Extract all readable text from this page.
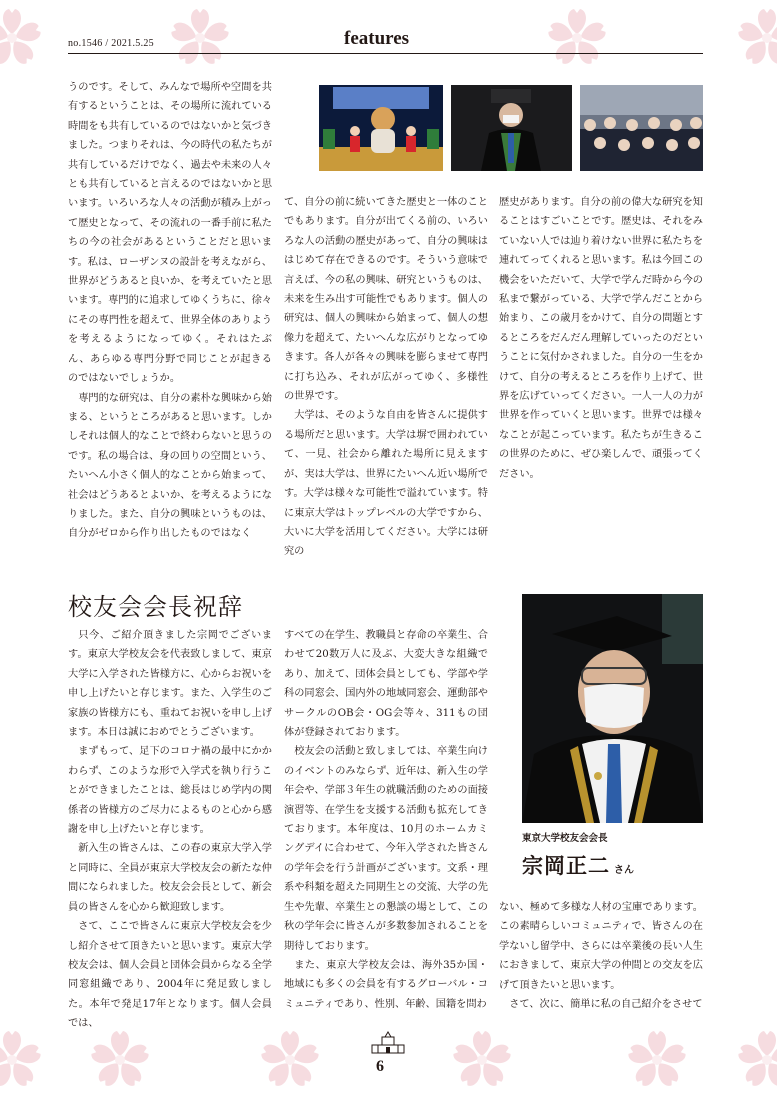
no.1546 / 2021.5.25	features

うのです。そして、みんなで場所や空間を共有するということは、その場所に流れている時間をも共有しているのではないかと気づきました。つまりそれは、今の時代の私たちが共有しているだけでなく、過去や未来の人々とも共有していると言えるのではないかと思います。いろいろな人々の活動が積み上がって歴史となって、その流れの一番手前に私たちの今の社会があるということだと思います。私は、ローザンヌの設計を考えながら、世界がどうあると良いか、を考えていたと思います。専門的に追求してゆくうちに、徐々にその専門性を超えて、世界全体のありようを考えるようになってゆく。それはたぶん、あらゆる専門分野で同じことが起きるのではないでしょうか。

専門的な研究は、自分の素朴な興味から始まる、というところがあると思います。しかしそれは個人的なことで終わらないと思うのです。私の場合は、身の回りの空間という、たいへん小さく個人的なことから始まって、社会はどうあるとよいか、を考えるようになりました。また、自分の興味というものは、自分がゼロから作り出したものではなく

て、自分の前に続いてきた歴史と一体のことでもあります。自分が出てくる前の、いろいろな人の活動の歴史があって、自分の興味ははじめて存在できるのです。そういう意味で言えば、今の私の興味、研究というものは、未来を生み出す可能性でもあります。個人の研究は、個人の興味から始まって、個人の想像力を超えて、たいへんな広がりとなってゆきます。各人が各々の興味を膨らませて専門に打ち込み、それが広がってゆく、多様性の世界です。

大学は、そのような自由を皆さんに提供する場所だと思います。大学は塀で囲われていて、一見、社会から離れた場所に見えますが、実は大学は、世界にたいへん近い場所です。大学は様々な可能性で溢れています。特に東京大学はトップレベルの大学ですから、大いに大学を活用してください。大学には研究の

歴史があります。自分の前の偉大な研究を知ることはすごいことです。歴史は、それをみていない人では辿り着けない世界に私たちを連れてってくれると思います。私は今回この機会をいただいて、大学で学んだ時から今の私まで繋がっている、大学で学んだことから始まり、この歳月をかけて、自分の問題とするところをだんだん理解していったのだということに気付かされました。自分の一生をかけて、自分の考えるところを作り上げて、世界を広げていってください。一人一人の力が世界を作っていくと思います。世界では様々なことが起こっています。私たちが生きるこの世界のために、ぜひ楽しんで、頑張ってください。

校友会会長祝辞

只今、ご紹介頂きました宗岡でございます。東京大学校友会を代表致しまして、東京大学に入学された皆様方に、心からお祝いを申し上げたいと存じます。また、入学生のご家族の皆様方にも、重ねてお祝いを申し上げます。本日は誠におめでとうございます。

まずもって、足下のコロナ禍の最中にかかわらず、このような形で入学式を執り行うことができましたことは、総長はじめ学内の関係者の皆様方のご尽力によるものと心から感謝を申し上げたいと存じます。

新入生の皆さんは、この春の東京大学入学と同時に、全員が東京大学校友会の新たな仲間になられました。校友会会長として、新会員の皆さんを心から歓迎致します。

さて、ここで皆さんに東京大学校友会を少し紹介させて頂きたいと思います。東京大学校友会は、個人会員と団体会員からなる全学同窓組織であり、2004年に発足致しました。本年で発足17年となります。個人会員では、

すべての在学生、教職員と存命の卒業生、合わせて20数万人に及ぶ、大変大きな組織であり、加えて、団体会員としても、学部や学科の同窓会、国内外の地域同窓会、運動部やサークルのOB会・OG会等々、311もの団体が登録されております。

校友会の活動と致しましては、卒業生向けのイベントのみならず、近年は、新入生の学年会や、学部３年生の就職活動のための面接演習等、在学生を支援する活動も拡充してきております。本年度は、10月のホームカミングデイに合わせて、今年入学された皆さんの学年会を行う計画がございます。文系・理系や科類を超えた同期生との交流、大学の先生や先輩、卒業生との懇談の場として、この秋の学年会に皆さんが多数参加されることを期待しております。

また、東京大学校友会は、海外35か国・地域にも多くの会員を有するグローバル・コミュニティであり、性別、年齢、国籍を問わ

ない、極めて多様な人材の宝庫であります。この素晴らしいコミュニティで、皆さんの在学ないし留学中、さらには卒業後の長い人生におきまして、東京大学の仲間との交友を広げて頂きたいと思います。

さて、次に、簡単に私の自己紹介をさせて

東京大学校友会会長
宗岡正二 さん
6
